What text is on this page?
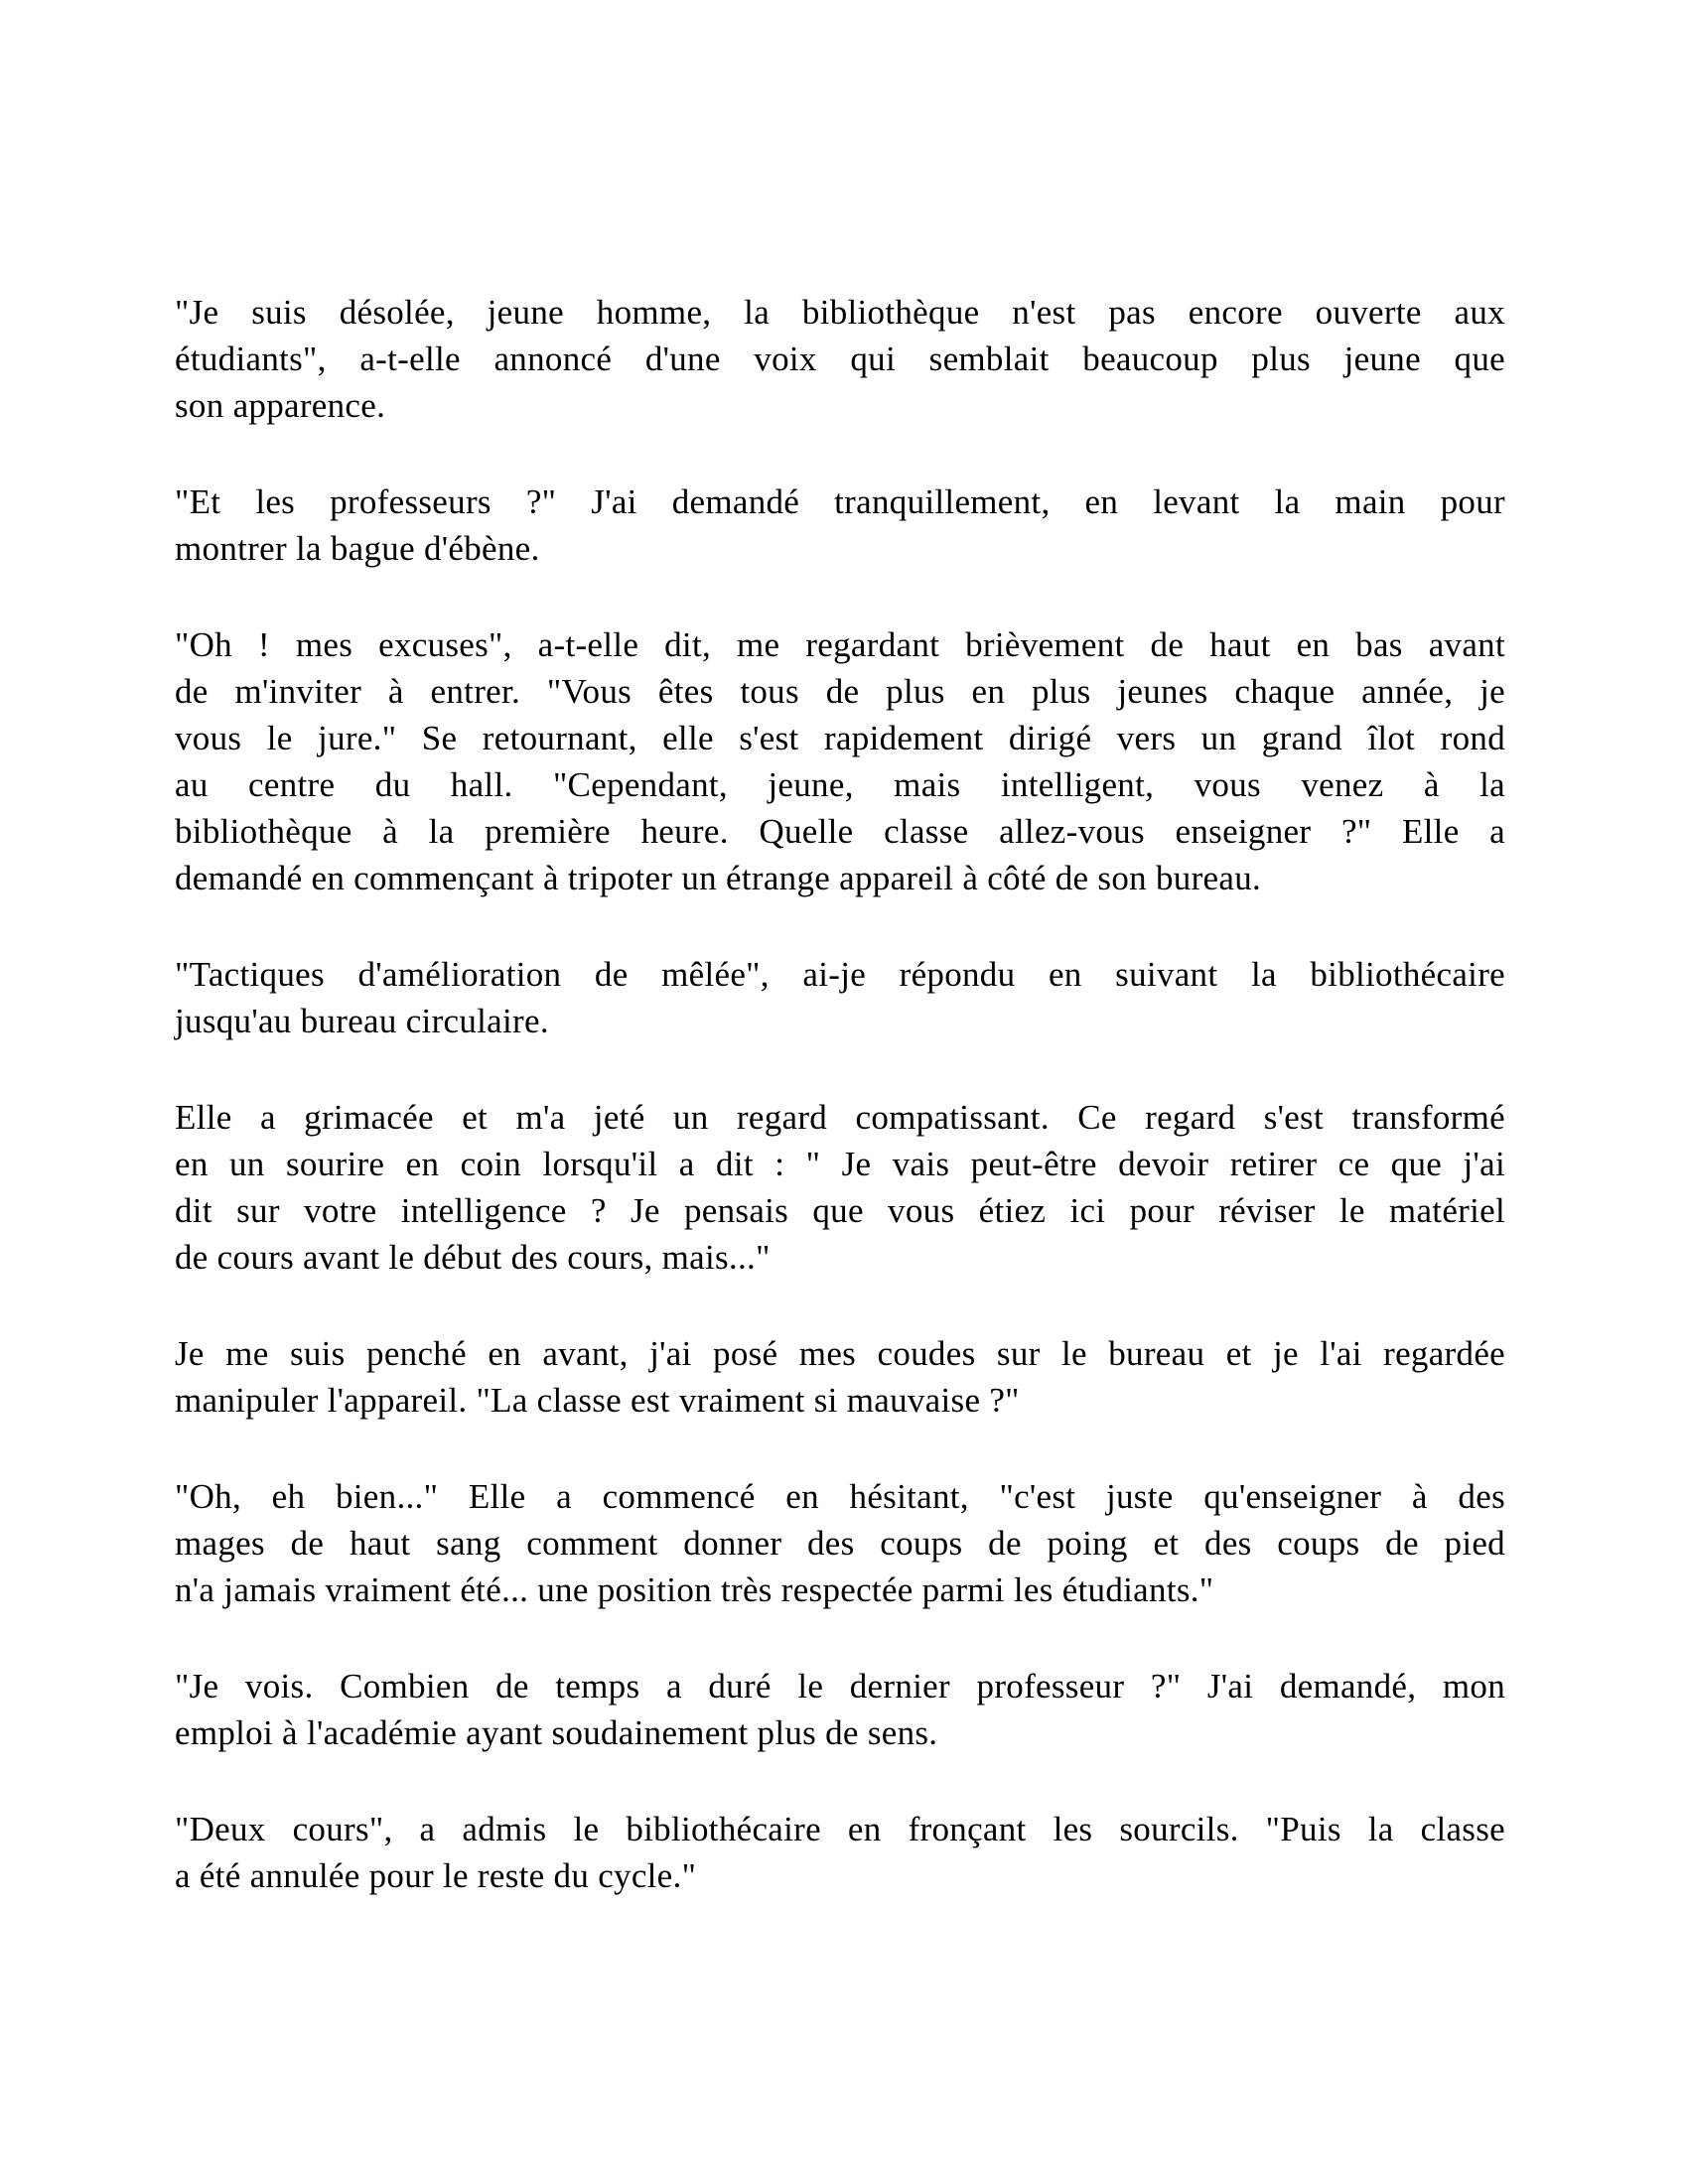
"Je suis désolée, jeune homme, la bibliothèque n'est pas encore ouverte aux
étudiants", a-t-elle annoncé d'une voix qui semblait beaucoup plus jeune que
son apparence.

"Et les professeurs ?" J'ai demandé tranquillement, en levant la main pour
montrer la bague d'ébène.

"Oh ! mes excuses", a-t-elle dit, me regardant brièvement de haut en bas avant
de m'inviter à entrer. "Vous êtes tous de plus en plus jeunes chaque année, je
vous le jure." Se retournant, elle s'est rapidement dirigé vers un grand îlot rond
au centre du hall. "Cependant, jeune, mais intelligent, vous venez à la
bibliothèque à la première heure. Quelle classe allez-vous enseigner ?" Elle a
demandé en commençant à tripoter un étrange appareil à côté de son bureau.

"Tactiques d'amélioration de mêlée", ai-je répondu en suivant la bibliothécaire
jusqu'au bureau circulaire.

Elle a grimacée et m'a jeté un regard compatissant. Ce regard s'est transformé
en un sourire en coin lorsqu'il a dit : " Je vais peut-être devoir retirer ce que j'ai
dit sur votre intelligence ? Je pensais que vous étiez ici pour réviser le matériel
de cours avant le début des cours, mais..."

Je me suis penché en avant, j'ai posé mes coudes sur le bureau et je l'ai regardée
manipuler l'appareil. "La classe est vraiment si mauvaise ?"

"Oh, eh bien..." Elle a commencé en hésitant, "c'est juste qu'enseigner à des
mages de haut sang comment donner des coups de poing et des coups de pied
n'a jamais vraiment été... une position très respectée parmi les étudiants."

"Je vois. Combien de temps a duré le dernier professeur ?" J'ai demandé, mon
emploi à l'académie ayant soudainement plus de sens.

"Deux cours", a admis le bibliothécaire en fronçant les sourcils. "Puis la classe
a été annulée pour le reste du cycle."
